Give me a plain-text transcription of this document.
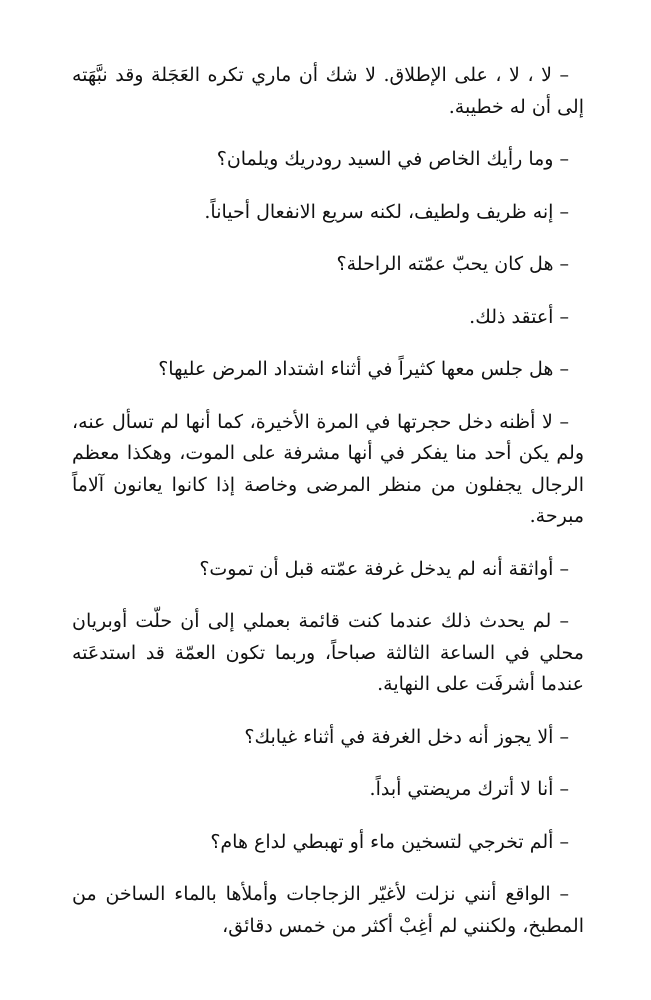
– لا ، لا ، على الإطلاق. لا شك أن ماري تكره العَجَلة وقد نبَّهَته إلى أن له خطيبة.

– وما رأيك الخاص في السيد رودريك ويلمان؟

– إنه ظريف ولطيف، لكنه سريع الانفعال أحياناً.

– هل كان يحبّ عمّته الراحلة؟

– أعتقد ذلك.

– هل جلس معها كثيراً في أثناء اشتداد المرض عليها؟

– لا أظنه دخل حجرتها في المرة الأخيرة، كما أنها لم تسأل عنه، ولم يكن أحد منا يفكر في أنها مشرفة على الموت، وهكذا معظم الرجال يجفلون من منظر المرضى وخاصة إذا كانوا يعانون آلاماً مبرحة.

– أواثقة أنه لم يدخل غرفة عمّته قبل أن تموت؟

– لم يحدث ذلك عندما كنت قائمة بعملي إلى أن حلّت أوبريان محلي في الساعة الثالثة صباحاً، وربما تكون العمّة قد استدعَته عندما أشرفَت على النهاية.

– ألا يجوز أنه دخل الغرفة في أثناء غيابك؟

– أنا لا أترك مريضتي أبداً.

– ألم تخرجي لتسخين ماء أو تهبطي لداع هام؟

– الواقع أنني نزلت لأغيّر الزجاجات وأملأها بالماء الساخن من المطبخ، ولكنني لم أغِبْ أكثر من خمس دقائق،
